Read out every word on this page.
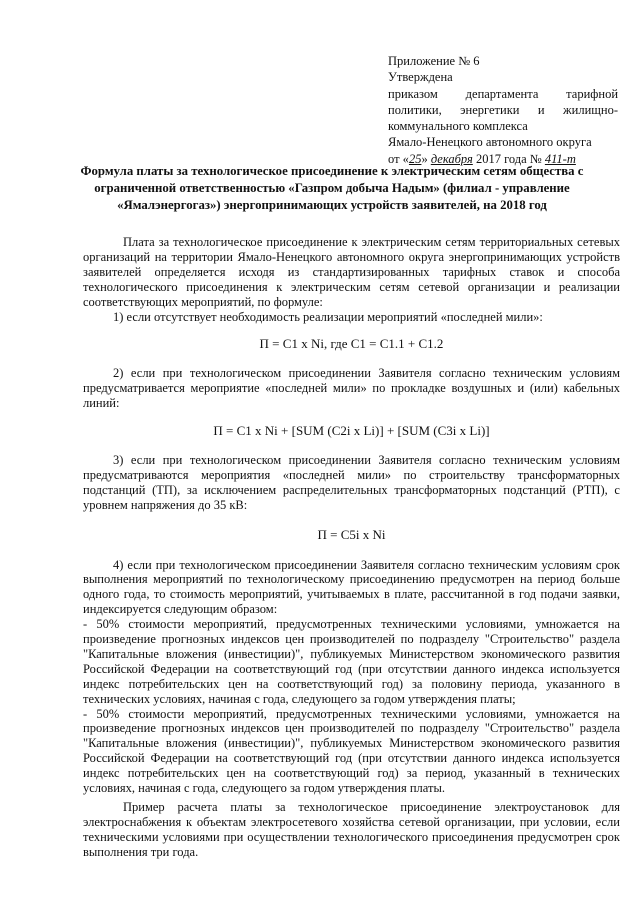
Приложение № 6
Утверждена
приказом департамента тарифной
политики, энергетики и жилищно-
коммунального комплекса
Ямало-Ненецкого автономного округа
от «25» декабря 2017 года № 411-т
Формула платы за технологическое присоединение к электрическим сетям общества с ограниченной ответственностью «Газпром добыча Надым» (филиал - управление «Ямалэнергогаз») энергопринимающих устройств заявителей, на 2018 год

Плата за технологическое присоединение к электрическим сетям территориальных сетевых организаций на территории Ямало-Ненецкого автономного округа энергопринимающих устройств заявителей определяется исходя из стандартизированных тарифных ставок и способа технологического присоединения к электрическим сетям сетевой организации и реализации соответствующих мероприятий, по формуле:

1) если отсутствует необходимость реализации мероприятий «последней мили»:

П = C1 x Ni, где C1 = C1.1 + C1.2

2) если при технологическом присоединении Заявителя согласно техническим условиям предусматривается мероприятие «последней мили» по прокладке воздушных и (или) кабельных линий:

П = C1 x Ni + [SUM (C2i x Li)] + [SUM (C3i x Li)]

3) если при технологическом присоединении Заявителя согласно техническим условиям предусматриваются мероприятия «последней мили» по строительству трансформаторных подстанций (ТП), за исключением распределительных трансформаторных подстанций (РТП), с уровнем напряжения до 35 кВ:

П = C5i x Ni

4) если при технологическом присоединении Заявителя согласно техническим условиям срок выполнения мероприятий по технологическому присоединению предусмотрен на период больше одного года, то стоимость мероприятий, учитываемых в плате, рассчитанной в год подачи заявки, индексируется следующим образом:

- 50% стоимости мероприятий, предусмотренных техническими условиями, умножается на произведение прогнозных индексов цен производителей по подразделу "Строительство" раздела "Капитальные вложения (инвестиции)", публикуемых Министерством экономического развития Российской Федерации на соответствующий год (при отсутствии данного индекса используется индекс потребительских цен на соответствующий год) за половину периода, указанного в технических условиях, начиная с года, следующего за годом утверждения платы;

- 50% стоимости мероприятий, предусмотренных техническими условиями, умножается на произведение прогнозных индексов цен производителей по подразделу "Строительство" раздела "Капитальные вложения (инвестиции)", публикуемых Министерством экономического развития Российской Федерации на соответствующий год (при отсутствии данного индекса используется индекс потребительских цен на соответствующий год) за период, указанный в технических условиях, начиная с года, следующего за годом утверждения платы.

Пример расчета платы за технологическое присоединение электроустановок для электроснабжения к объектам электросетевого хозяйства сетевой организации, при условии, если техническими условиями при осуществлении технологического присоединения предусмотрен срок выполнения три года.
